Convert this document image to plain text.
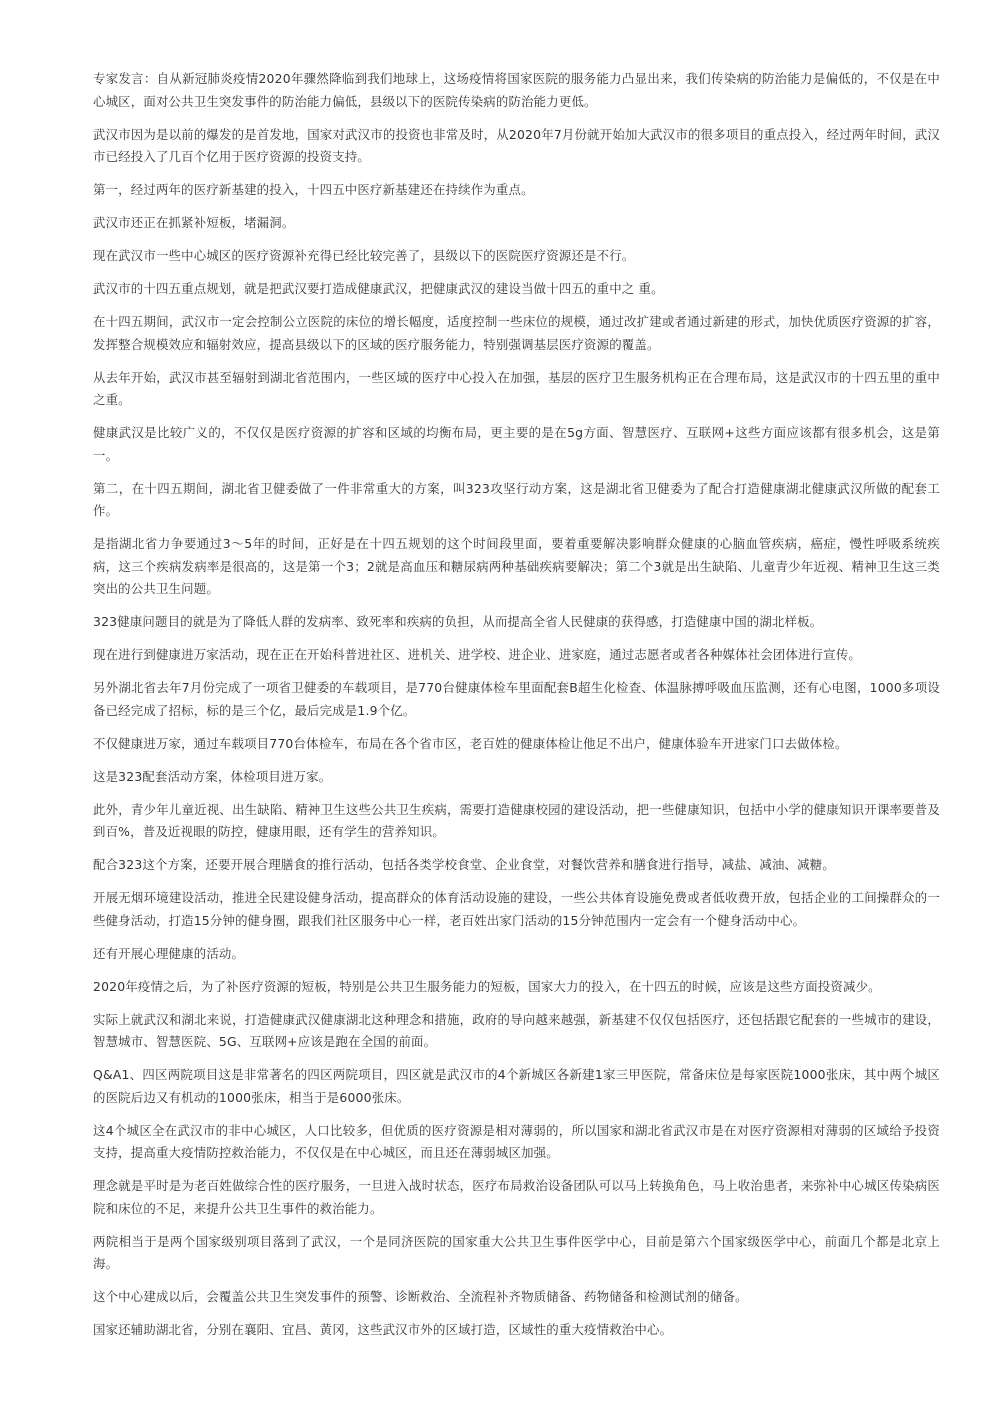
专家发言：自从新冠肺炎疫情2020年骤然降临到我们地球上，这场疫情将国家医院的服务能力凸显出来，我们传染病的防治能力是偏低的，不仅是在中心城区，面对公共卫生突发事件的防治能力偏低，县级以下的医院传染病的防治能力更低。

武汉市因为是以前的爆发的是首发地，国家对武汉市的投资也非常及时，从2020年7月份就开始加大武汉市的很多项目的重点投入，经过两年时间，武汉市已经投入了几百个亿用于医疗资源的投资支持。

第一，经过两年的医疗新基建的投入，十四五中医疗新基建还在持续作为重点。

武汉市还正在抓紧补短板，堵漏洞。

现在武汉市一些中心城区的医疗资源补充得已经比较完善了，县级以下的医院医疗资源还是不行。

武汉市的十四五重点规划，就是把武汉要打造成健康武汉，把健康武汉的建设当做十四五的重中之 重。

在十四五期间，武汉市一定会控制公立医院的床位的增长幅度，适度控制一些床位的规模，通过改扩建或者通过新建的形式，加快优质医疗资源的扩容，发挥整合规模效应和辐射效应，提高县级以下的区域的医疗服务能力，特别强调基层医疗资源的覆盖。

从去年开始，武汉市甚至辐射到湖北省范围内，一些区域的医疗中心投入在加强，基层的医疗卫生服务机构正在合理布局，这是武汉市的十四五里的重中之重。

健康武汉是比较广义的，不仅仅是医疗资源的扩容和区域的均衡布局，更主要的是在5g方面、智慧医疗、互联网+这些方面应该都有很多机会，这是第一。

第二，在十四五期间，湖北省卫健委做了一件非常重大的方案，叫323攻坚行动方案，这是湖北省卫健委为了配合打造健康湖北健康武汉所做的配套工作。

是指湖北省力争要通过3～5年的时间，正好是在十四五规划的这个时间段里面，要着重要解决影响群众健康的心脑血管疾病，癌症，慢性呼吸系统疾病，这三个疾病发病率是很高的，这是第一个3；2就是高血压和糖尿病两种基础疾病要解决；第二个3就是出生缺陷、儿童青少年近视、精神卫生这三类突出的公共卫生问题。

323健康问题目的就是为了降低人群的发病率、致死率和疾病的负担，从而提高全省人民健康的获得感，打造健康中国的湖北样板。

现在进行到健康进万家活动，现在正在开始科普进社区、进机关、进学校、进企业、进家庭，通过志愿者或者各种媒体社会团体进行宣传。

另外湖北省去年7月份完成了一项省卫健委的车载项目，是770台健康体检车里面配套B超生化检查、体温脉搏呼吸血压监测，还有心电图，1000多项设备已经完成了招标，标的是三个亿，最后完成是1.9个亿。

不仅健康进万家，通过车载项目770台体检车，布局在各个省市区，老百姓的健康体检让他足不出户，健康体验车开进家门口去做体检。

这是323配套活动方案，体检项目进万家。

此外，青少年儿童近视、出生缺陷、精神卫生这些公共卫生疾病，需要打造健康校园的建设活动，把一些健康知识，包括中小学的健康知识开课率要普及到百%，普及近视眼的防控，健康用眼，还有学生的营养知识。

配合323这个方案，还要开展合理膳食的推行活动，包括各类学校食堂、企业食堂，对餐饮营养和膳食进行指导，减盐、减油、减糖。

开展无烟环境建设活动，推进全民建设健身活动，提高群众的体育活动设施的建设，一些公共体育设施免费或者低收费开放，包括企业的工间操群众的一些健身活动，打造15分钟的健身圈，跟我们社区服务中心一样，老百姓出家门活动的15分钟范围内一定会有一个健身活动中心。

还有开展心理健康的活动。

2020年疫情之后，为了补医疗资源的短板，特别是公共卫生服务能力的短板，国家大力的投入，在十四五的时候，应该是这些方面投资减少。

实际上就武汉和湖北来说，打造健康武汉健康湖北这种理念和措施，政府的导向越来越强，新基建不仅仅包括医疗，还包括跟它配套的一些城市的建设，智慧城市、智慧医院、5G、互联网+应该是跑在全国的前面。

Q&A1、四区两院项目这是非常著名的四区两院项目，四区就是武汉市的4个新城区各新建1家三甲医院，常备床位是每家医院1000张床，其中两个城区的医院后边又有机动的1000张床，相当于是6000张床。

这4个城区全在武汉市的非中心城区，人口比较多，但优质的医疗资源是相对薄弱的，所以国家和湖北省武汉市是在对医疗资源相对薄弱的区域给予投资支持，提高重大疫情防控救治能力，不仅仅是在中心城区，而且还在薄弱城区加强。

理念就是平时是为老百姓做综合性的医疗服务，一旦进入战时状态，医疗布局救治设备团队可以马上转换角色，马上收治患者，来弥补中心城区传染病医院和床位的不足，来提升公共卫生事件的救治能力。

两院相当于是两个国家级别项目落到了武汉，一个是同济医院的国家重大公共卫生事件医学中心，目前是第六个国家级医学中心，前面几个都是北京上海。

这个中心建成以后，会覆盖公共卫生突发事件的预警、诊断救治、全流程补齐物质储备、药物储备和检测试剂的储备。

国家还辅助湖北省，分别在襄阳、宜昌、黄冈，这些武汉市外的区域打造，区域性的重大疫情救治中心。
